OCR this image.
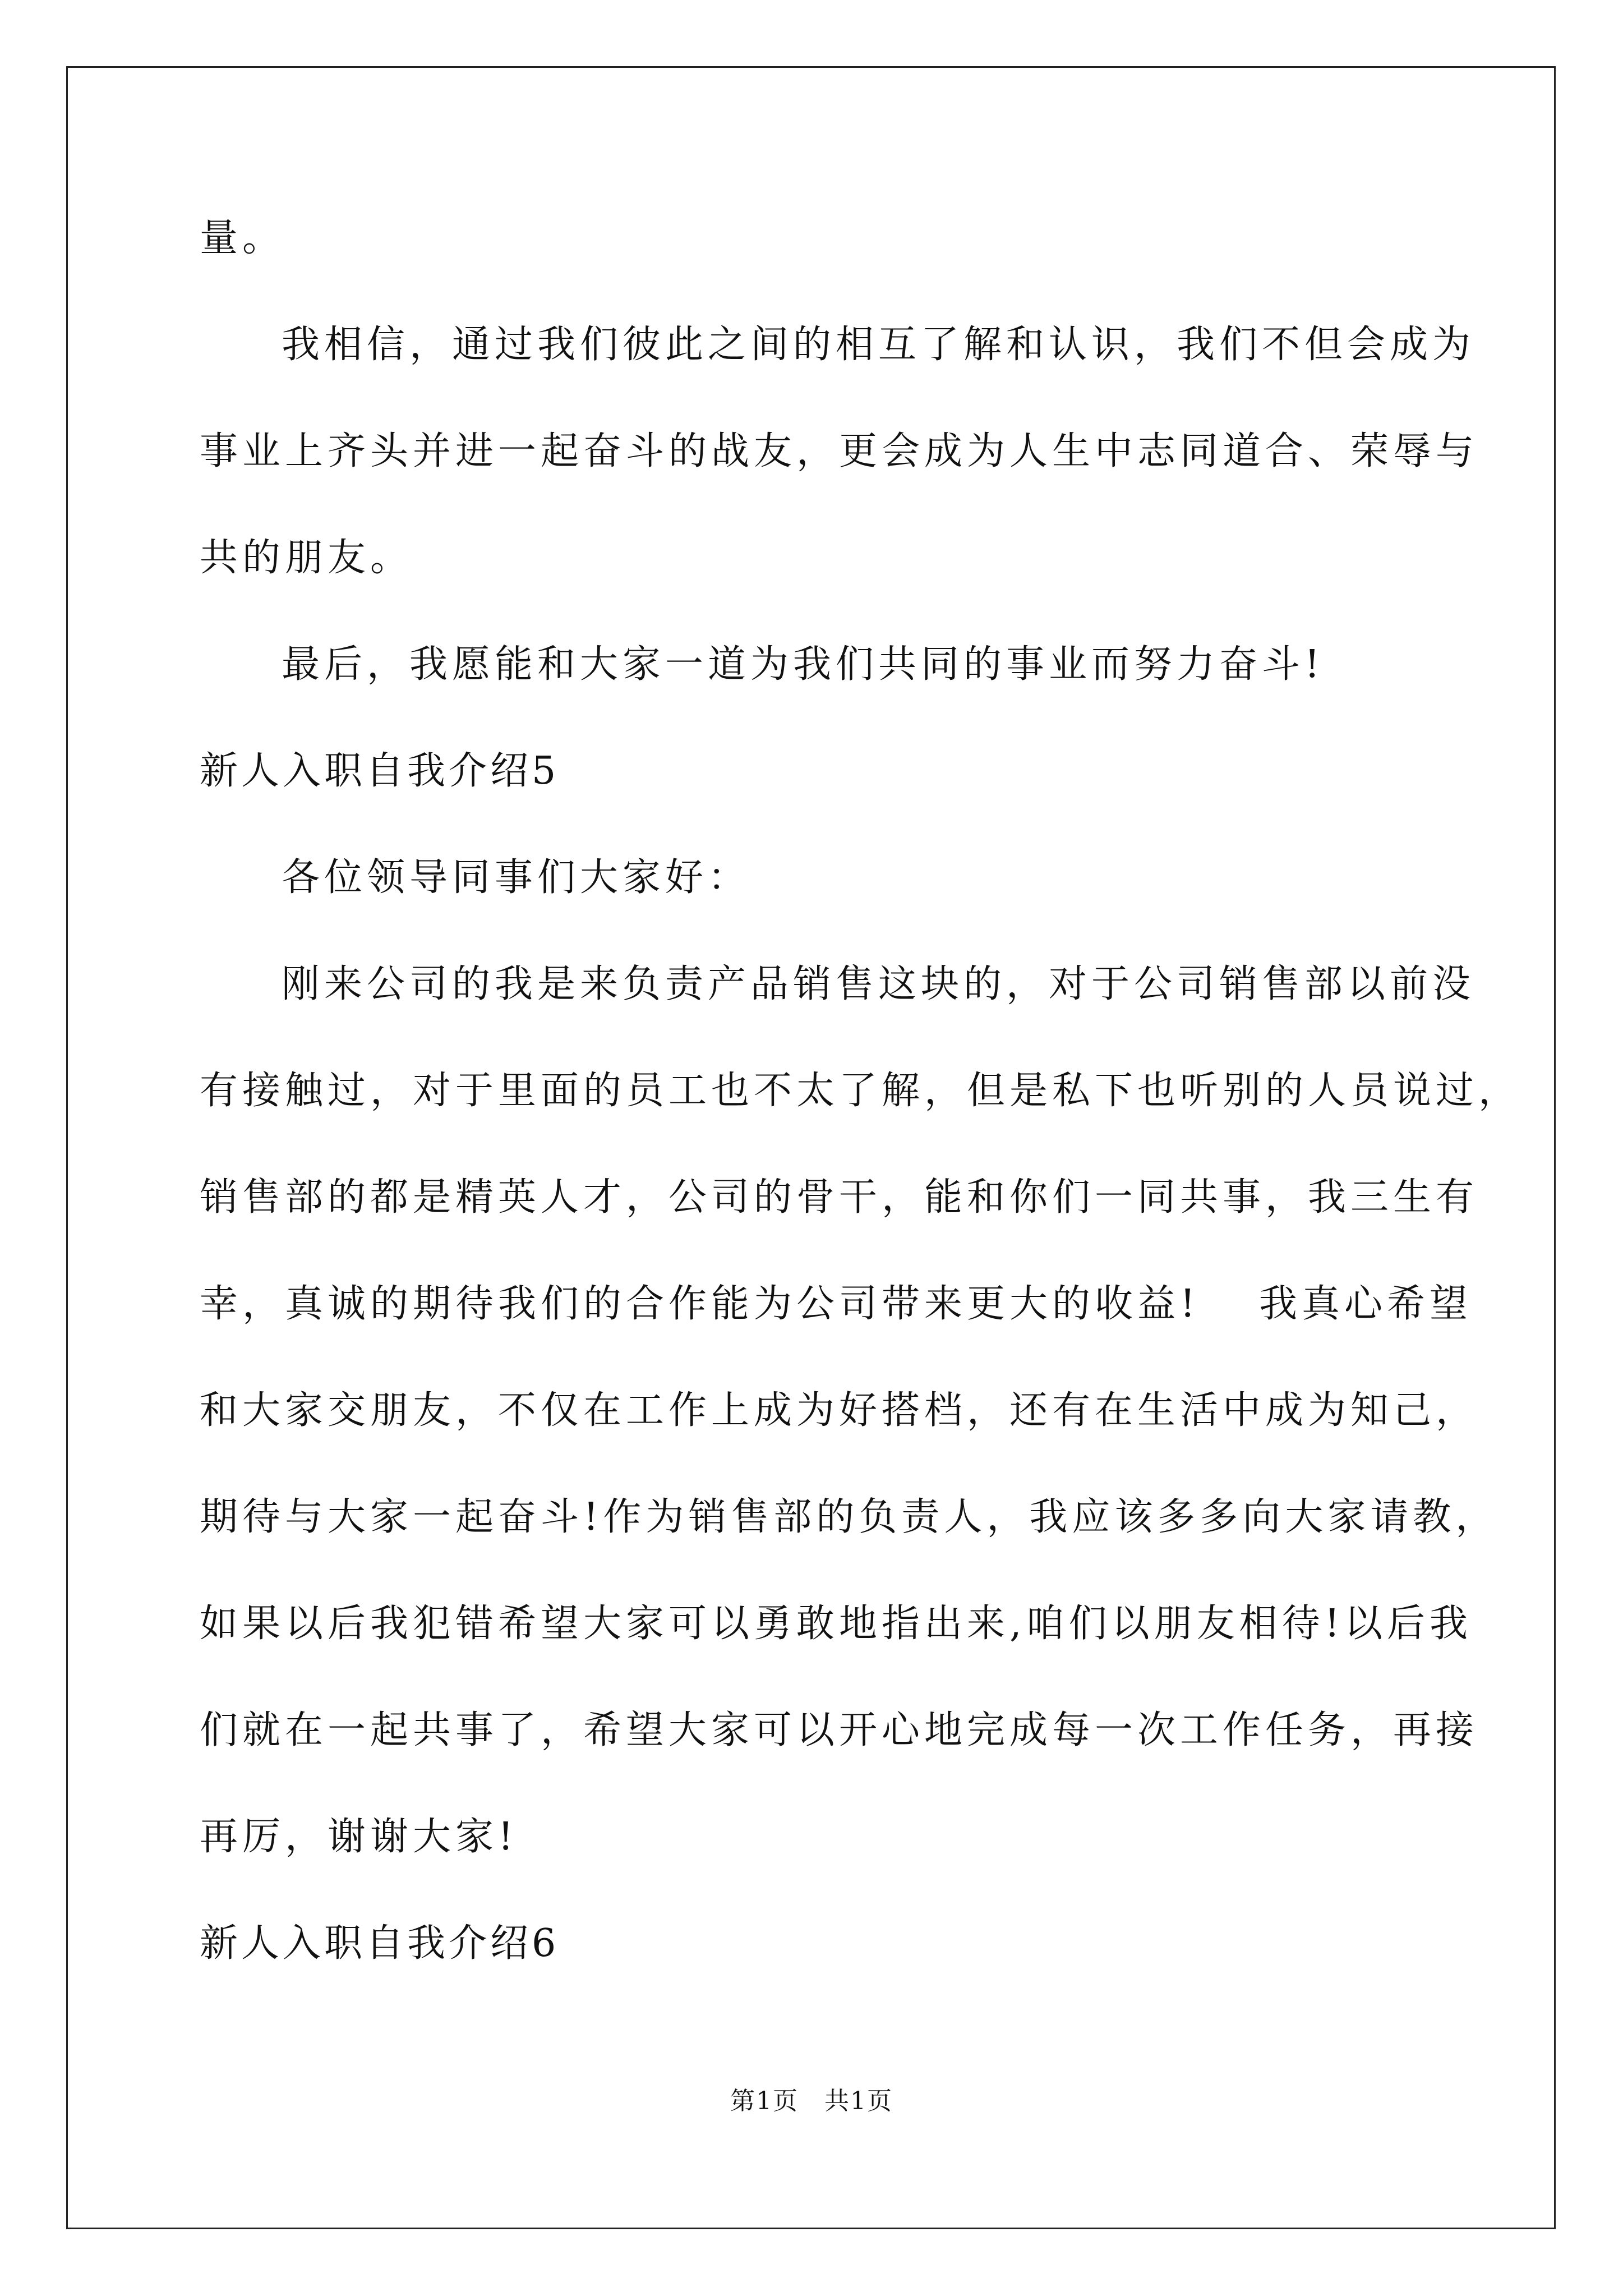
量。
我相信，通过我们彼此之间的相互了解和认识，我们不但会成为
事业上齐头并进一起奋斗的战友，更会成为人生中志同道合、荣辱与
共的朋友。
最后，我愿能和大家一道为我们共同的事业而努力奋斗!
新人入职自我介绍5
各位领导同事们大家好：
刚来公司的我是来负责产品销售这块的，对于公司销售部以前没
有接触过，对于里面的员工也不太了解，但是私下也听别的人员说过，
销售部的都是精英人才，公司的骨干，能和你们一同共事，我三生有
幸，真诚的期待我们的合作能为公司带来更大的收益!　 我真心希望
和大家交朋友，不仅在工作上成为好搭档，还有在生活中成为知己，
期待与大家一起奋斗!作为销售部的负责人，我应该多多向大家请教，
如果以后我犯错希望大家可以勇敢地指出来,咱们以朋友相待!以后我
们就在一起共事了，希望大家可以开心地完成每一次工作任务，再接
再厉，谢谢大家!
新人入职自我介绍6
第1页　共1页
